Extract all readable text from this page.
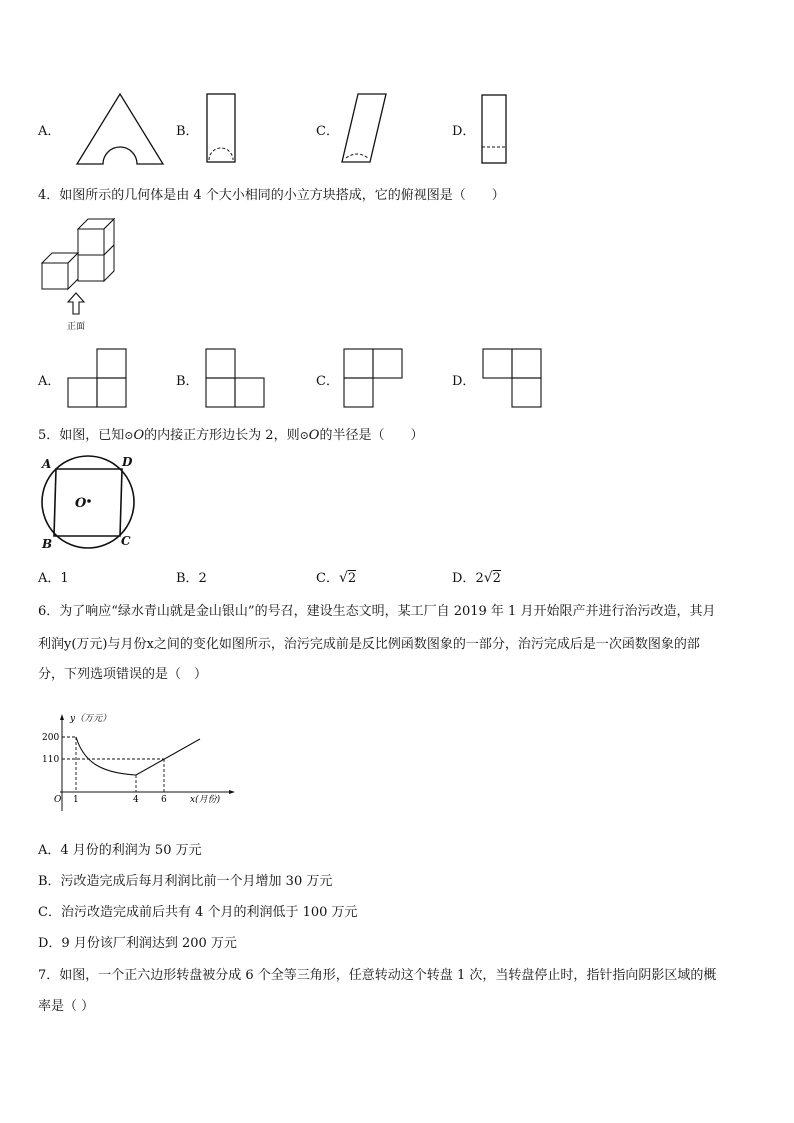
A．	B．	C．	D．
4．如图所示的几何体是由 4 个大小相同的小立方块搭成，它的俯视图是（　　）
正面
A．	B．	C．	D．
5．如图，已知⊙O的内接正方形边长为 2，则⊙O的半径是（　　）
A	D
B	C
O
A．1	B．2	C．√2	D．2√2
6．为了响应“绿水青山就是金山银山”的号召，建设生态文明，某工厂自 2019 年 1 月开始限产并进行治污改造，其月
利润y(万元)与月份x之间的变化如图所示，治污完成前是反比例函数图象的一部分，治污完成后是一次函数图象的部
分，下列选项错误的是（　）
y（万元）
200
110
O 1	4 6	x(月份)
A．4 月份的利润为 50 万元
B．污改造完成后每月利润比前一个月增加 30 万元
C．治污改造完成前后共有 4 个月的利润低于 100 万元
D．9 月份该厂利润达到 200 万元
7．如图，一个正六边形转盘被分成 6 个全等三角形，任意转动这个转盘 1 次，当转盘停止时，指针指向阴影区域的概
率是（ ）
